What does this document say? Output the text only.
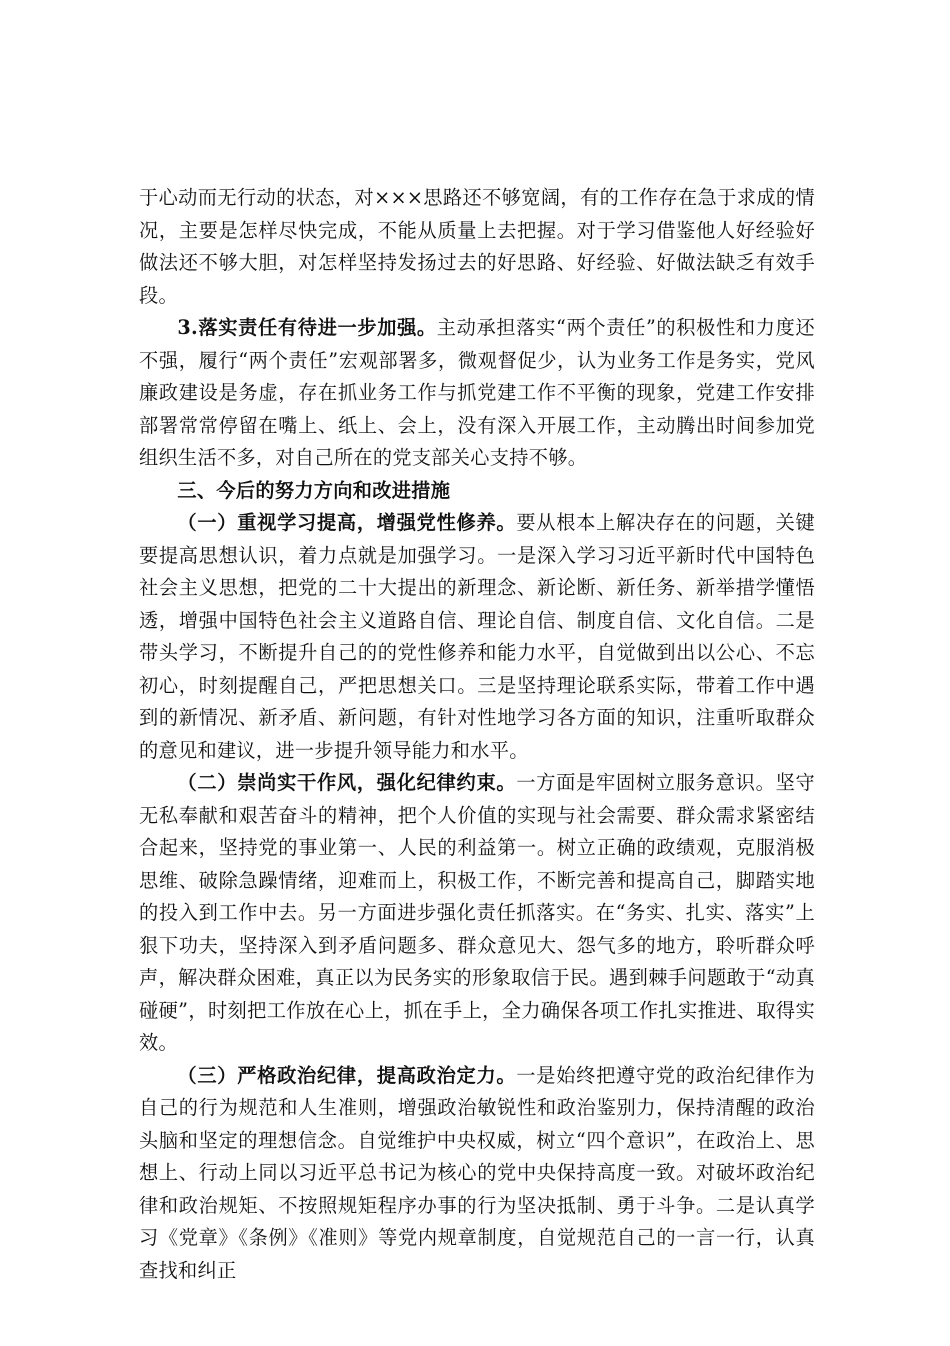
于心动而无行动的状态，对×××思路还不够宽阔，有的工作存在急于求成的情况，主要是怎样尽快完成，不能从质量上去把握。对于学习借鉴他人好经验好做法还不够大胆，对怎样坚持发扬过去的好思路、好经验、好做法缺乏有效手段。

3.落实责任有待进一步加强。主动承担落实“两个责任”的积极性和力度还不强，履行“两个责任”宏观部署多，微观督促少，认为业务工作是务实，党风廉政建设是务虚，存在抓业务工作与抓党建工作不平衡的现象，党建工作安排部署常常停留在嘴上、纸上、会上，没有深入开展工作，主动腾出时间参加党组织生活不多，对自己所在的党支部关心支持不够。

三、今后的努力方向和改进措施

（一）重视学习提高，增强党性修养。要从根本上解决存在的问题，关键要提高思想认识，着力点就是加强学习。一是深入学习习近平新时代中国特色社会主义思想，把党的二十大提出的新理念、新论断、新任务、新举措学懂悟透，增强中国特色社会主义道路自信、理论自信、制度自信、文化自信。二是带头学习，不断提升自己的的党性修养和能力水平，自觉做到出以公心、不忘初心，时刻提醒自己，严把思想关口。三是坚持理论联系实际，带着工作中遇到的新情况、新矛盾、新问题，有针对性地学习各方面的知识，注重听取群众的意见和建议，进一步提升领导能力和水平。

（二）崇尚实干作风，强化纪律约束。一方面是牢固树立服务意识。坚守无私奉献和艰苦奋斗的精神，把个人价值的实现与社会需要、群众需求紧密结合起来，坚持党的事业第一、人民的利益第一。树立正确的政绩观，克服消极思维、破除急躁情绪，迎难而上，积极工作，不断完善和提高自己，脚踏实地的投入到工作中去。另一方面进步强化责任抓落实。在“务实、扎实、落实”上狠下功夫，坚持深入到矛盾问题多、群众意见大、怨气多的地方，聆听群众呼声，解决群众困难，真正以为民务实的形象取信于民。遇到棘手问题敢于“动真碰硬”，时刻把工作放在心上，抓在手上，全力确保各项工作扎实推进、取得实效。

（三）严格政治纪律，提高政治定力。一是始终把遵守党的政治纪律作为自己的行为规范和人生准则，增强政治敏锐性和政治鉴别力，保持清醒的政治头脑和坚定的理想信念。自觉维护中央权威，树立“四个意识”，在政治上、思想上、行动上同以习近平总书记为核心的党中央保持高度一致。对破坏政治纪律和政治规矩、不按照规矩程序办事的行为坚决抵制、勇于斗争。二是认真学习《党章》《条例》《准则》等党内规章制度，自觉规范自己的一言一行，认真查找和纠正
